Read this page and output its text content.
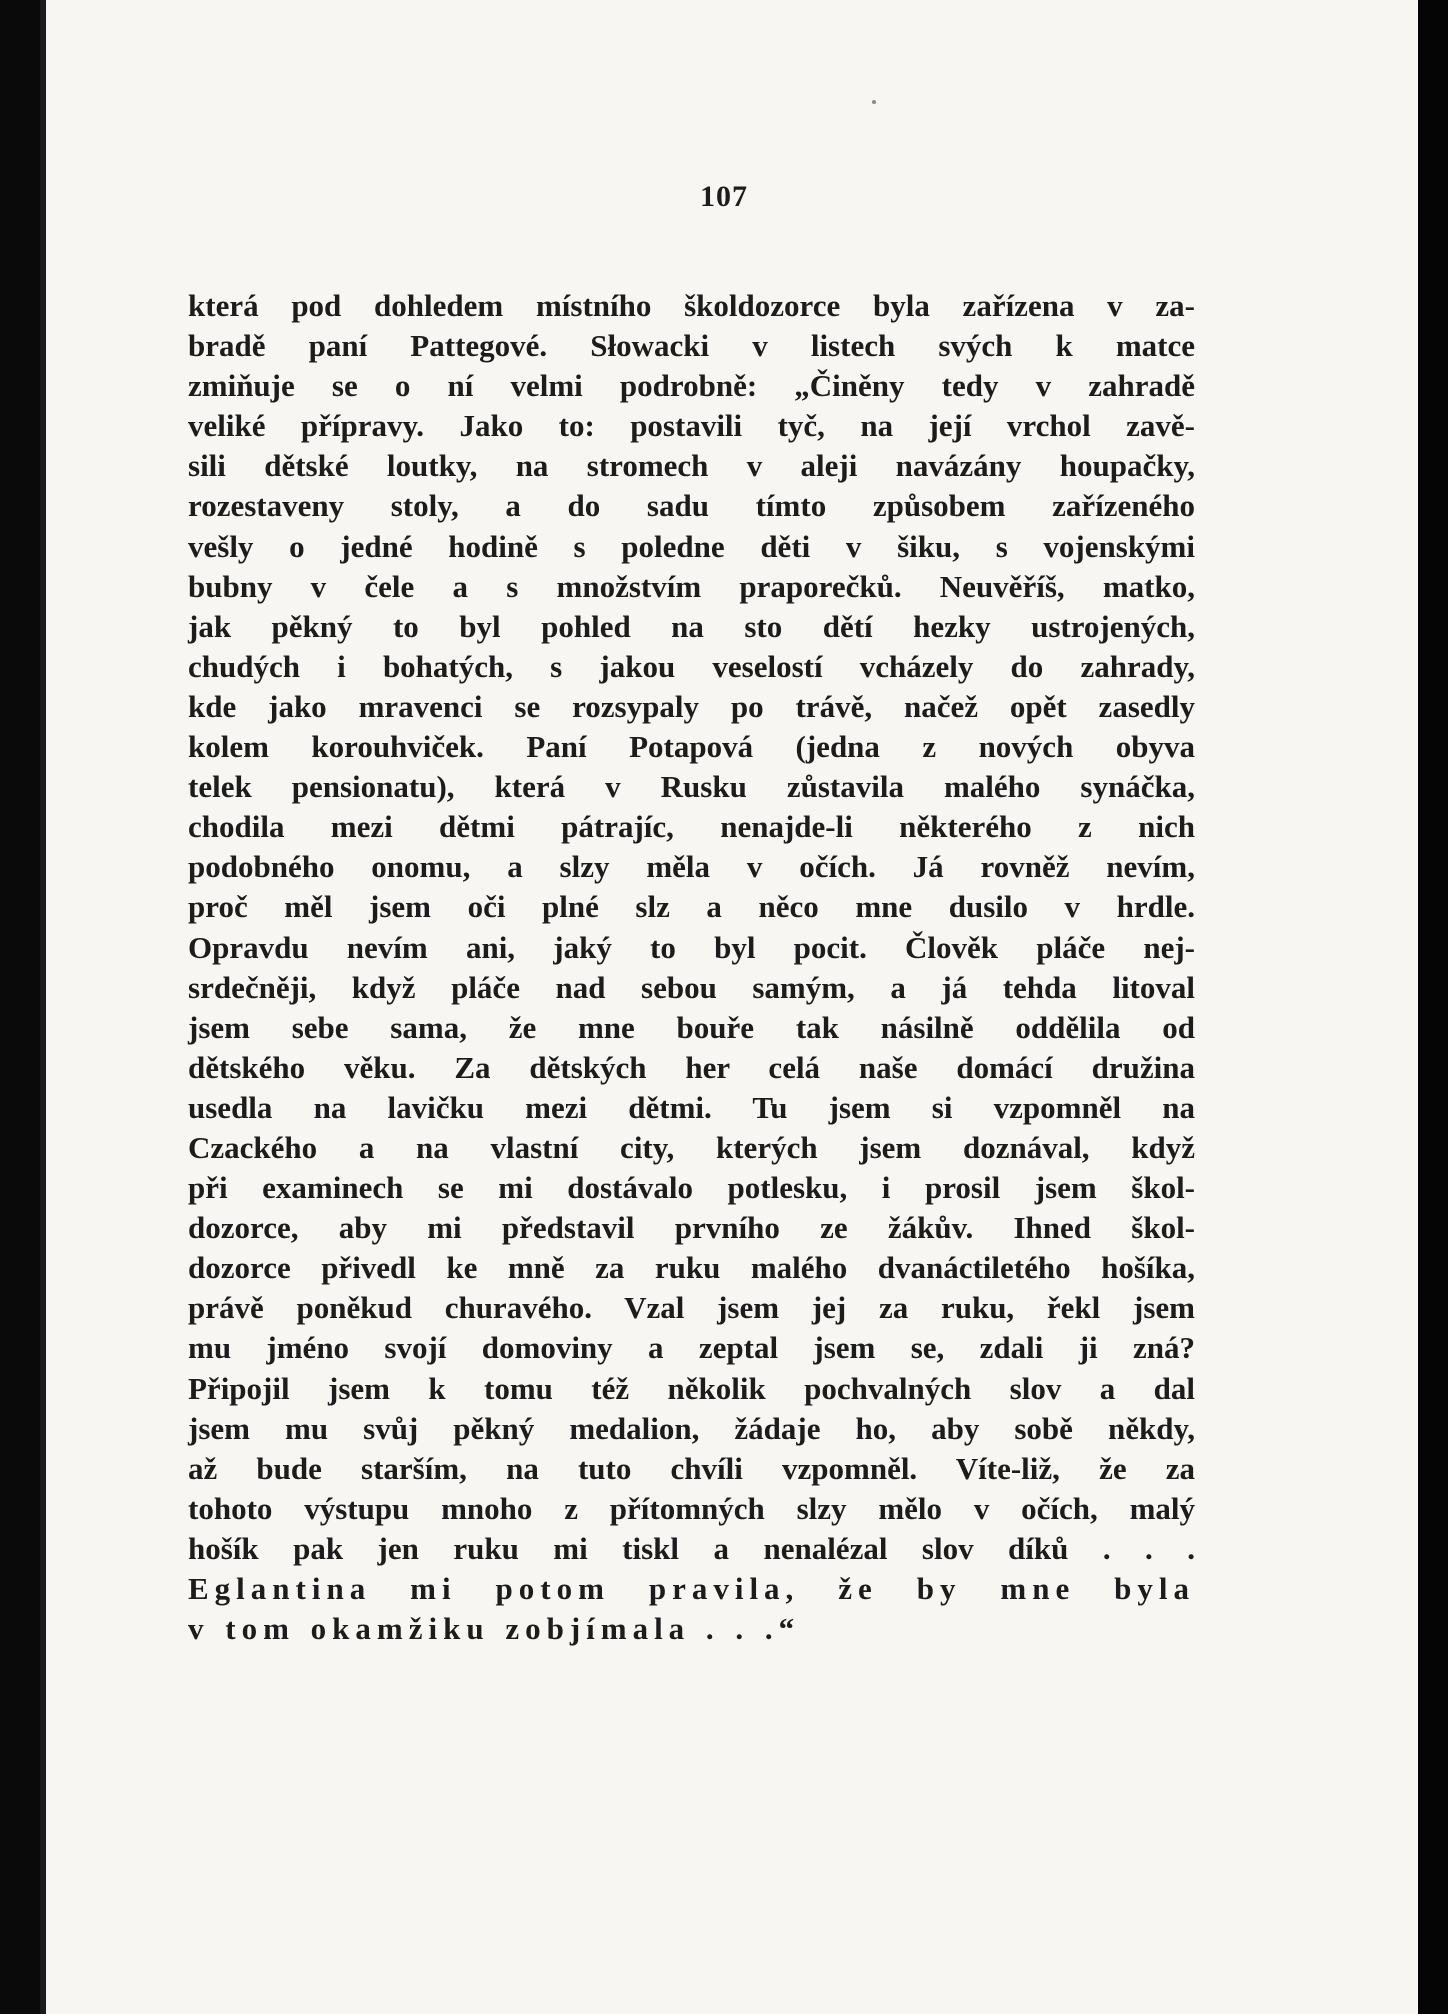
107
která pod dohledem místního školdozorce byla zařízena v za-
bradě paní Pattegové. Słowacki v listech svých k matce
zmiňuje se o ní velmi podrobně: „Činěny tedy v zahradě
veliké přípravy. Jako to: postavili tyč, na její vrchol zavě-
sili dětské loutky, na stromech v aleji navázány houpačky,
rozestaveny stoly, a do sadu tímto způsobem zařízeného
vešly o jedné hodině s poledne děti v šiku, s vojenskými
bubny v čele a s množstvím praporečků. Neuvěříš, matko,
jak pěkný to byl pohled na sto dětí hezky ustrojených,
chudých i bohatých, s jakou veselostí vcházely do zahrady,
kde jako mravenci se rozsypaly po trávě, načež opět zasedly
kolem korouhviček. Paní Potapová (jedna z nových obyva
telek pensionatu), která v Rusku zůstavila malého synáčka,
chodila mezi dětmi pátrajíc, nenajde-li některého z nich
podobného onomu, a slzy měla v očích. Já rovněž nevím,
proč měl jsem oči plné slz a něco mne dusilo v hrdle.
Opravdu nevím ani, jaký to byl pocit. Člověk pláče nej-
srdečněji, když pláče nad sebou samým, a já tehda litoval
jsem sebe sama, že mne bouře tak násilně oddělila od
dětského věku. Za dětských her celá naše domácí družina
usedla na lavičku mezi dětmi. Tu jsem si vzpomněl na
Czackého a na vlastní city, kterých jsem doznával, když
při examinech se mi dostávalo potlesku, i prosil jsem škol-
dozorce, aby mi představil prvního ze žákův. Ihned škol-
dozorce přivedl ke mně za ruku malého dvanáctiletého hošíka,
právě poněkud churavého. Vzal jsem jej za ruku, řekl jsem
mu jméno svojí domoviny a zeptal jsem se, zdali ji zná?
Připojil jsem k tomu též několik pochvalných slov a dal
jsem mu svůj pěkný medalion, žádaje ho, aby sobě někdy,
až bude starším, na tuto chvíli vzpomněl. Víte-liž, že za
tohoto výstupu mnoho z přítomných slzy mělo v očích, malý
hošík pak jen ruku mi tiskl a nenalézal slov díků . . .
Eglantina mi potom pravila, že by mne byla
v tom okamžiku zobjímala . . .“
